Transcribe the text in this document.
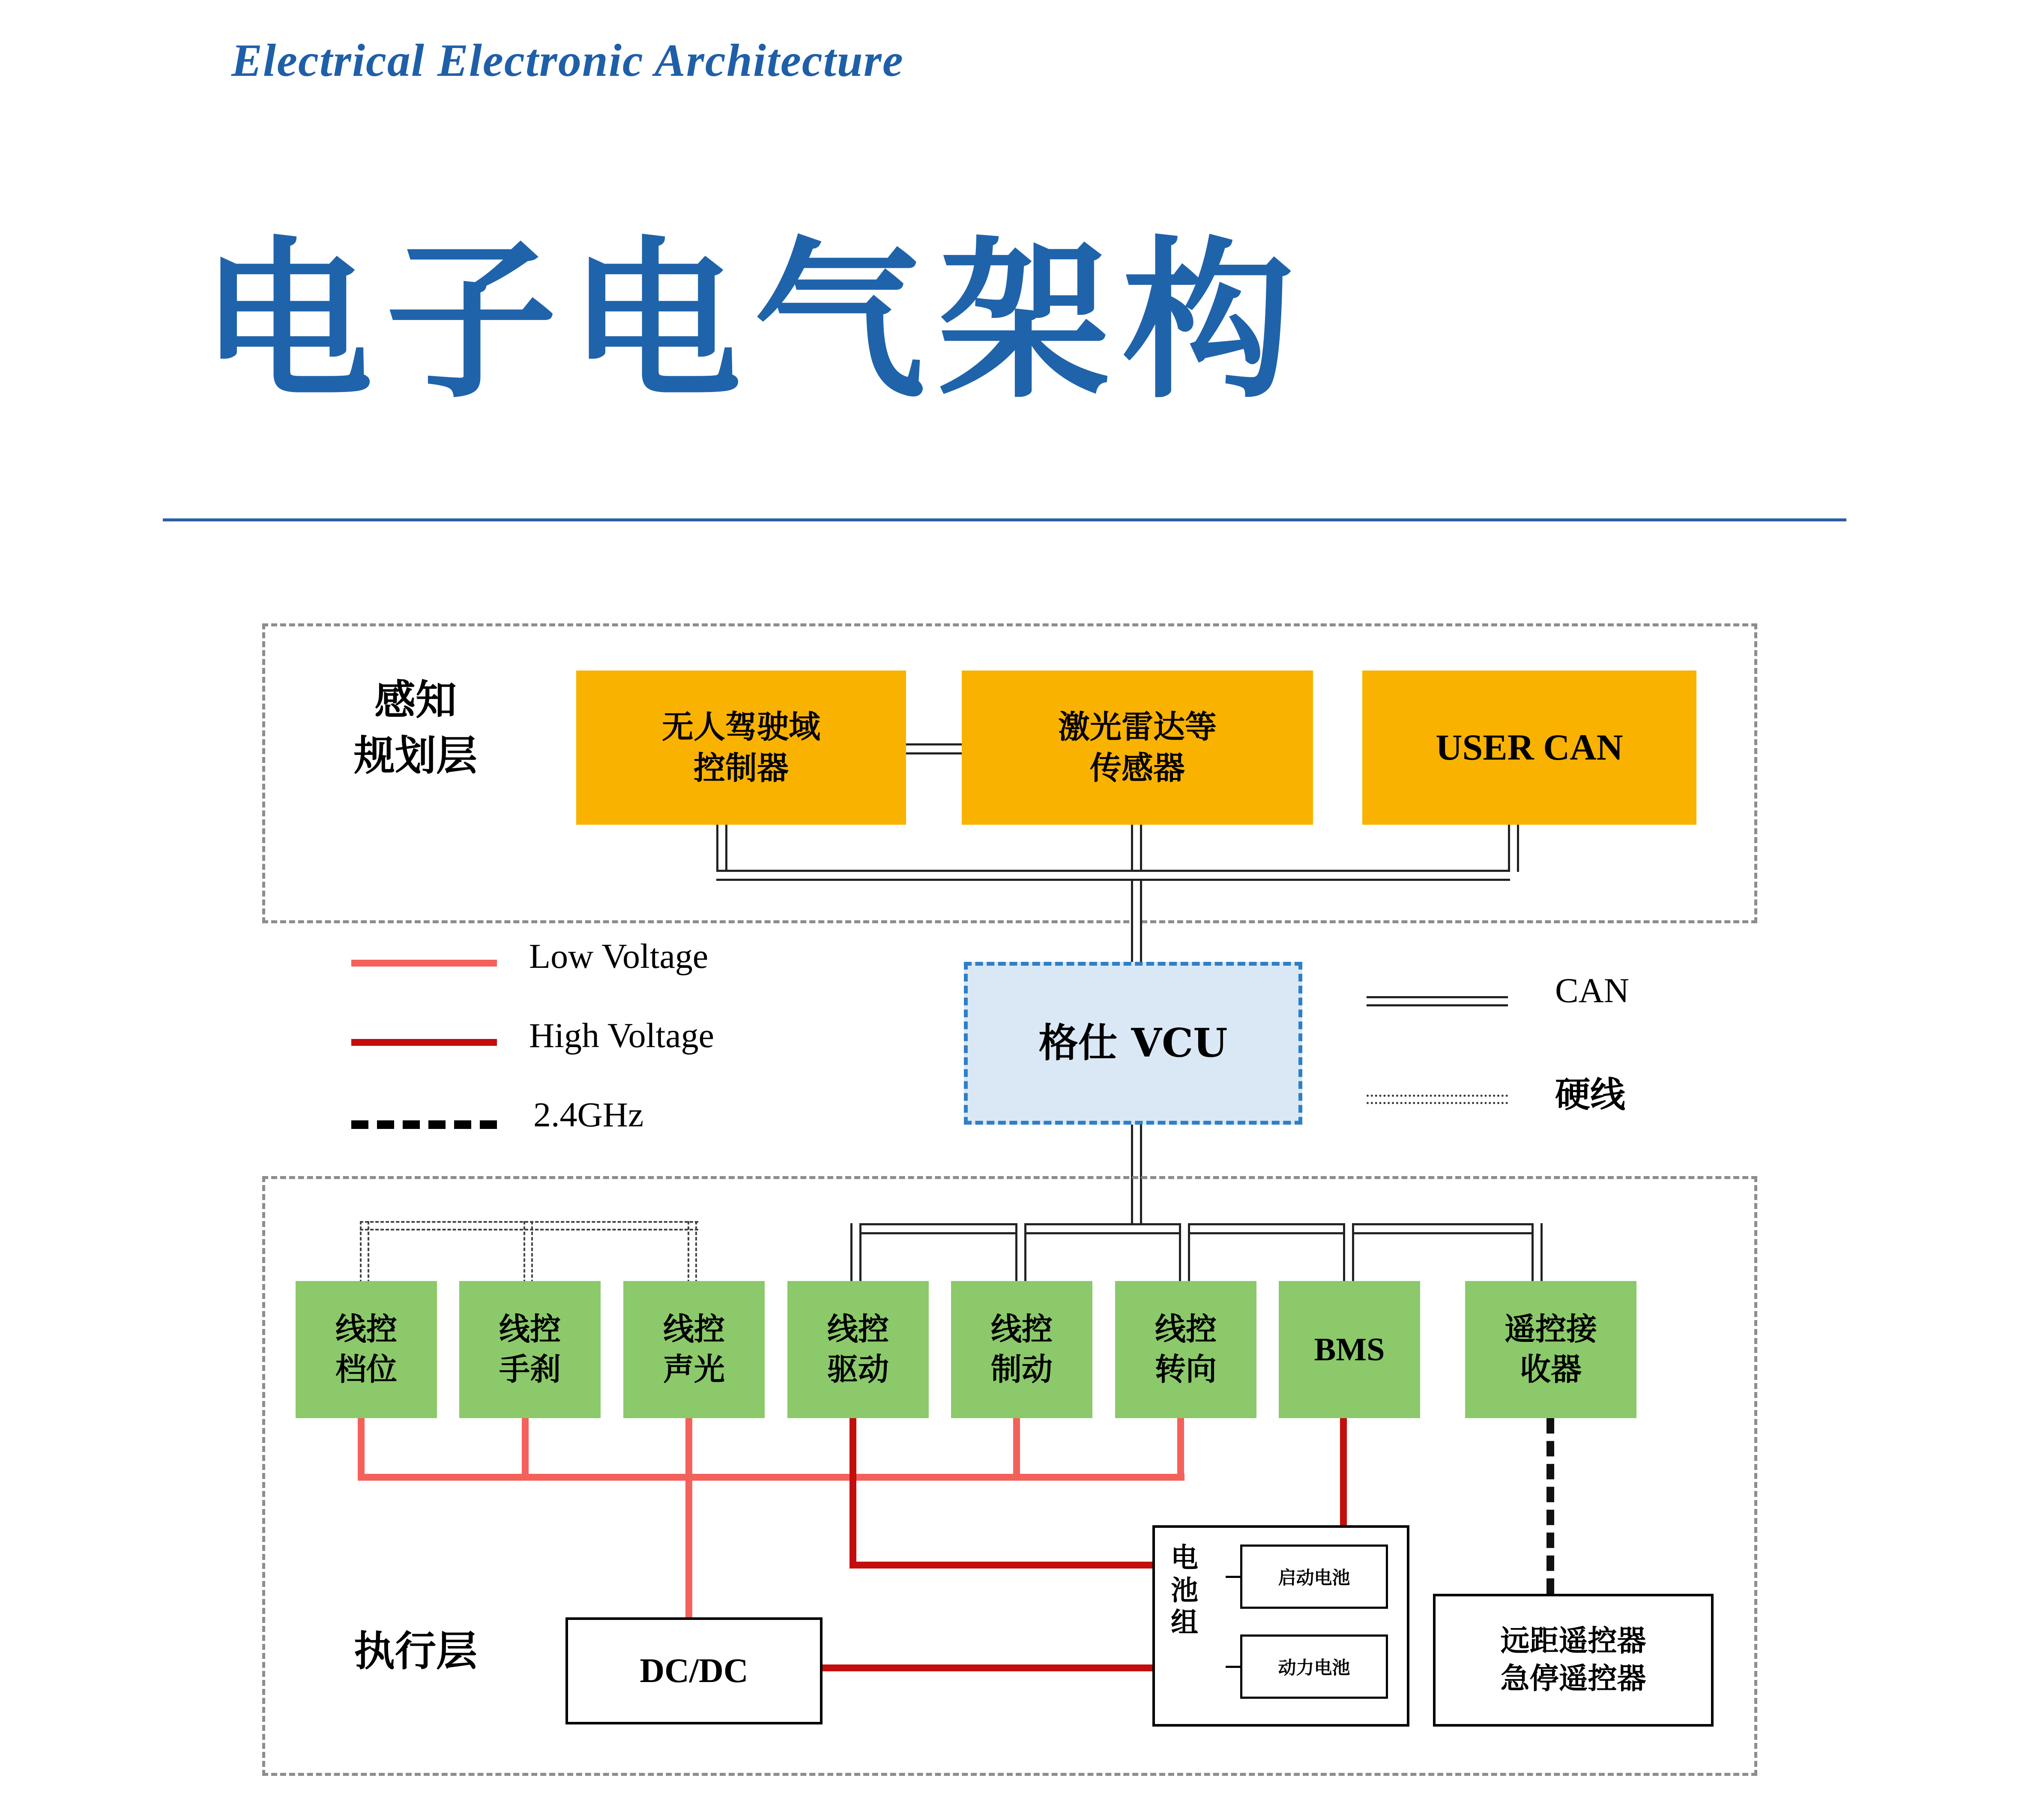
Electrical Electronic Architecture
电子电气架构
感知
规划层
无人驾驶域
控制器
激光雷达等
传感器
USER CAN
格仕 VCU
Low Voltage
High Voltage
2.4GHz
CAN
硬线
执行层
线控
档位
线控
手刹
线控
声光
线控
驱动
线控
制动
线控
转向
BMS
遥控接
收器
DC/DC
远距遥控器
急停遥控器
电
池
组
启动电池
动力电池
